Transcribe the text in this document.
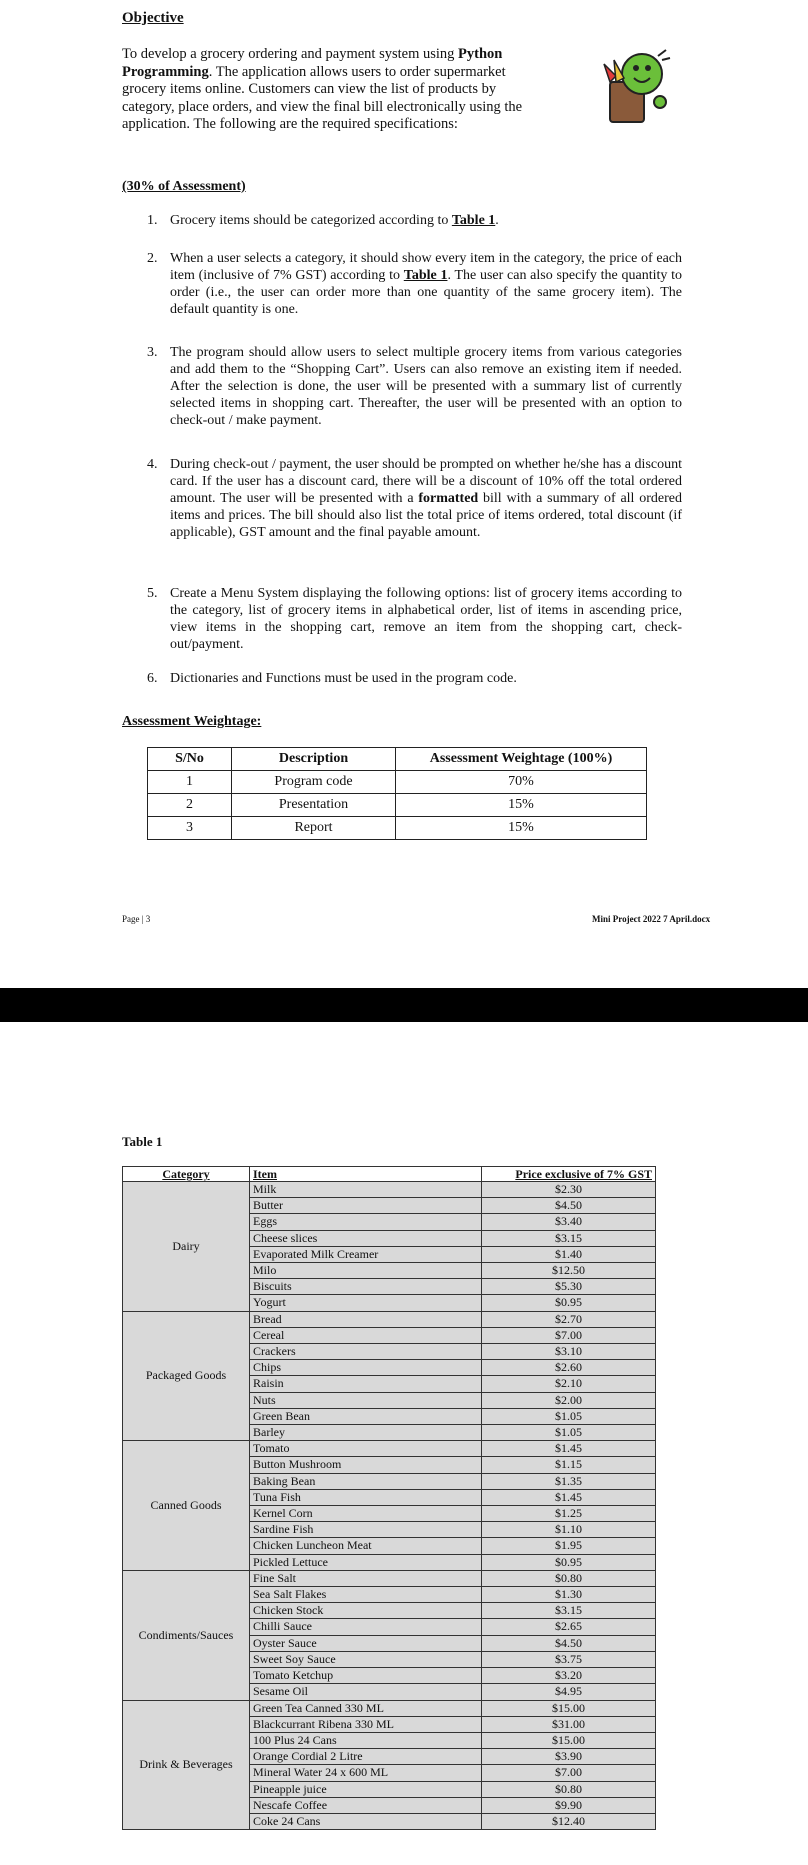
Objective
To develop a grocery ordering and payment system using Python
Programming. The application allows users to order supermarket
grocery items online. Customers can view the list of products by
category, place orders, and view the final bill electronically using the
application. The following are the required specifications:
(30% of Assessment)
1. Grocery items should be categorized according to Table 1.
2. When a user selects a category, it should show every item in the category, the price of each item (inclusive of 7% GST) according to Table 1. The user can also specify the quantity to order (i.e., the user can order more than one quantity of the same grocery item). The default quantity is one.
3. The program should allow users to select multiple grocery items from various categories and add them to the “Shopping Cart”. Users can also remove an existing item if needed. After the selection is done, the user will be presented with a summary list of currently selected items in shopping cart. Thereafter, the user will be presented with an option to check-out / make payment.
4. During check-out / payment, the user should be prompted on whether he/she has a discount card. If the user has a discount card, there will be a discount of 10% off the total ordered amount. The user will be presented with a formatted bill with a summary of all ordered items and prices. The bill should also list the total price of items ordered, total discount (if applicable), GST amount and the final payable amount.
5. Create a Menu System displaying the following options: list of grocery items according to the category, list of grocery items in alphabetical order, list of items in ascending price, view items in the shopping cart, remove an item from the shopping cart, check-out/payment.
6. Dictionaries and Functions must be used in the program code.
Assessment Weightage:
S/No	Description	Assessment Weightage (100%)
1	Program code	70%
2	Presentation	15%
3	Report	15%
Page | 3	Mini Project 2022 7 April.docx
Table 1
Category	Item	Price exclusive of 7% GST
Dairy	Milk	$2.30
	Butter	$4.50
	Eggs	$3.40
	Cheese slices	$3.15
	Evaporated Milk Creamer	$1.40
	Milo	$12.50
	Biscuits	$5.30
	Yogurt	$0.95
Packaged Goods	Bread	$2.70
	Cereal	$7.00
	Crackers	$3.10
	Chips	$2.60
	Raisin	$2.10
	Nuts	$2.00
	Green Bean	$1.05
	Barley	$1.05
Canned Goods	Tomato	$1.45
	Button Mushroom	$1.15
	Baking Bean	$1.35
	Tuna Fish	$1.45
	Kernel Corn	$1.25
	Sardine Fish	$1.10
	Chicken Luncheon Meat	$1.95
	Pickled Lettuce	$0.95
Condiments/Sauces	Fine Salt	$0.80
	Sea Salt Flakes	$1.30
	Chicken Stock	$3.15
	Chilli Sauce	$2.65
	Oyster Sauce	$4.50
	Sweet Soy Sauce	$3.75
	Tomato Ketchup	$3.20
	Sesame Oil	$4.95
Drink & Beverages	Green Tea Canned 330 ML	$15.00
	Blackcurrant Ribena 330 ML	$31.00
	100 Plus 24 Cans	$15.00
	Orange Cordial 2 Litre	$3.90
	Mineral Water 24 x 600 ML	$7.00
	Pineapple juice	$0.80
	Nescafe Coffee	$9.90
	Coke 24 Cans	$12.40
